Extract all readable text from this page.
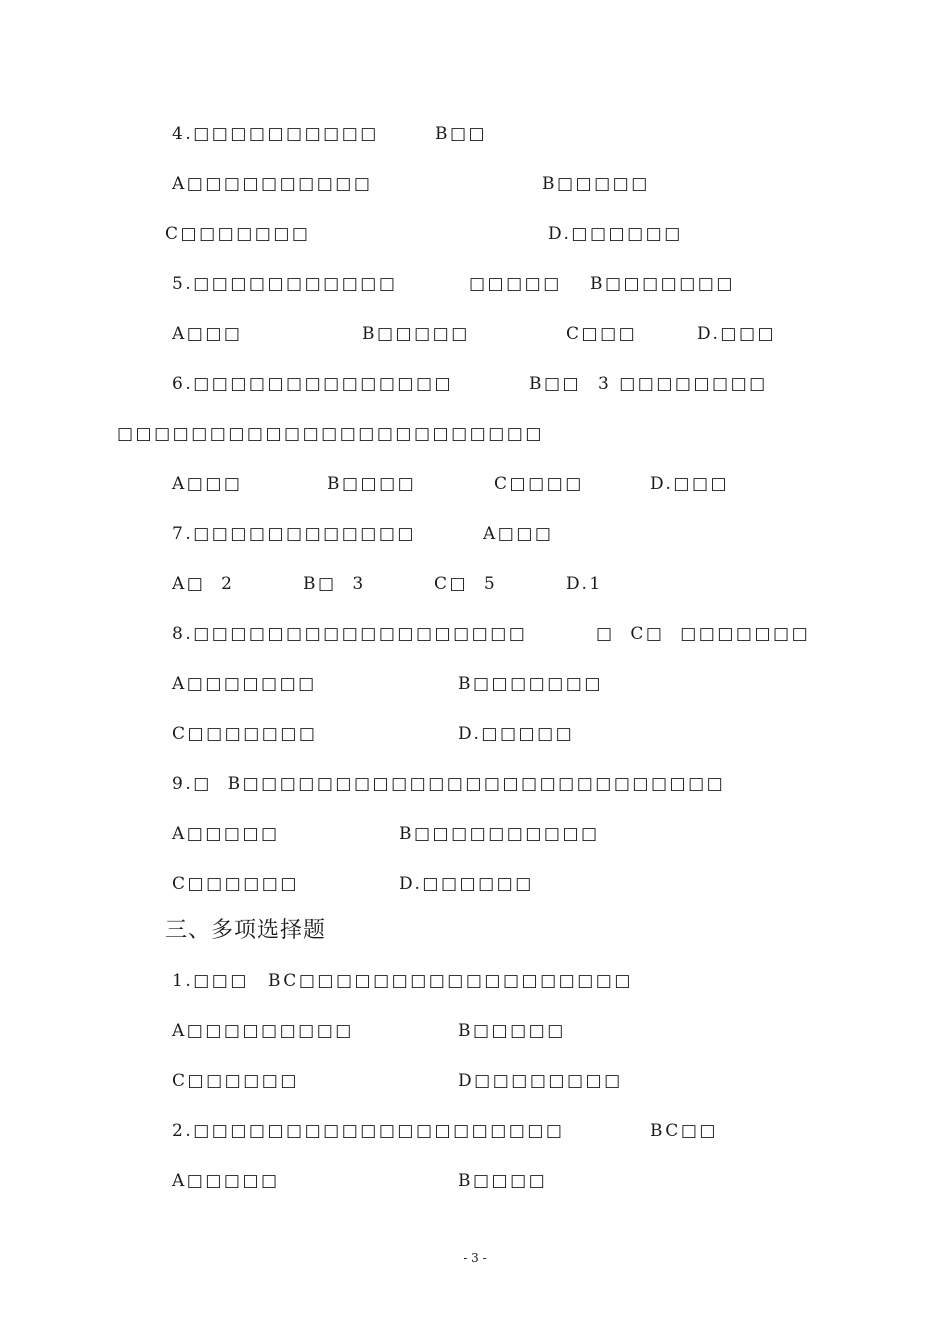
4.□□□□□□□□□□	B□□
A□□□□□□□□□□	B□□□□□
C□□□□□□□	D.□□□□□□
5.□□□□□□□□□□□	□□□□□ B□□□□□□□
A□□□	B□□□□□	C□□□	D.□□□
6.□□□□□□□□□□□□□□	B□□ 3 □□□□□□□□
□□□□□□□□□□□□□□□□□□□□□□□
A□□□	B□□□□	C□□□□	D.□□□
7.□□□□□□□□□□□□	A□□□
A□  2	B□  3	C□  5	D.1
8.□□□□□□□□□□□□□□□□□□	□  C□  □□□□□□□
A□□□□□□□	B□□□□□□□
C□□□□□□□	D.□□□□□
9.□  B□□□□□□□□□□□□□□□□□□□□□□□□□□
A□□□□□	B□□□□□□□□□□
C□□□□□□	D.□□□□□□
三、多项选择题
1.□□□ BC□□□□□□□□□□□□□□□□□□
A□□□□□□□□□	B□□□□□
C□□□□□□	D□□□□□□□□
2.□□□□□□□□□□□□□□□□□□□□	BC□□
A□□□□□	B□□□□
- 3 -
